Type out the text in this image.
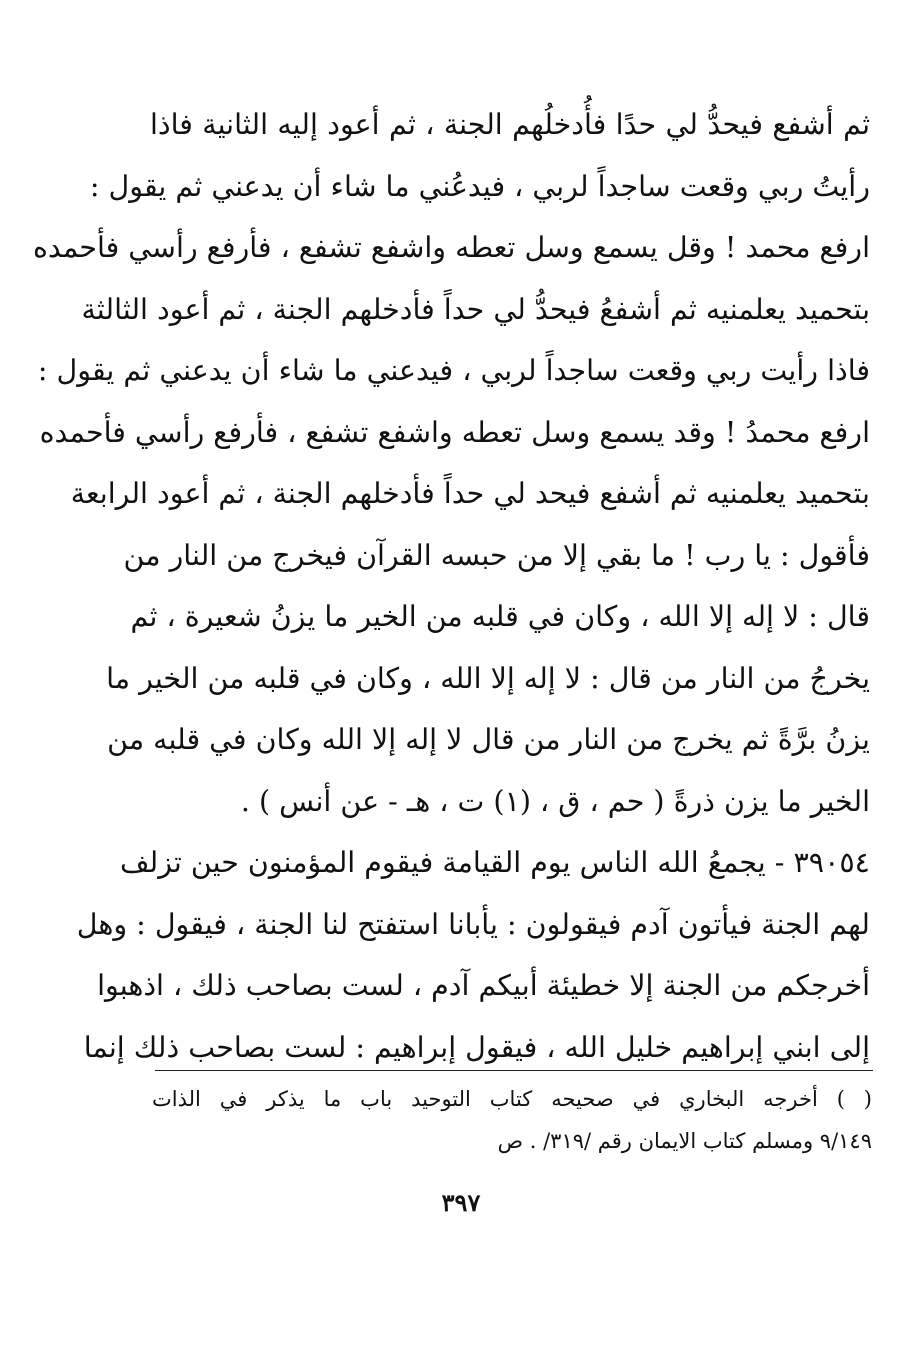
ثم أشفع فيحدُّ لي حدًا فأُدخلُهم الجنة ، ثم أعود إليه الثانية فاذا
رأيتُ ربي وقعت ساجداً لربي ، فيدعُني ما شاء أن يدعني ثم يقول :
ارفع محمد ! وقل يسمع وسل تعطه واشفع تشفع ، فأرفع رأسي فأحمده
بتحميد يعلمنيه ثم أشفعُ فيحدُّ لي حداً فأدخلهم الجنة ، ثم أعود الثالثة
فاذا رأيت ربي وقعت ساجداً لربي ، فيدعني ما شاء أن يدعني ثم يقول :
ارفع محمدُ ! وقد يسمع وسل تعطه واشفع تشفع ، فأرفع رأسي فأحمده
بتحميد يعلمنيه ثم أشفع فيحد لي حداً فأدخلهم الجنة ، ثم أعود الرابعة
فأقول : يا رب ! ما بقي إلا من حبسه القرآن فيخرج من النار من
قال : لا إله إلا الله ، وكان في قلبه من الخير ما يزنُ شعيرة ، ثم
يخرجُ من النار من قال : لا إله إلا الله ، وكان في قلبه من الخير ما
يزنُ برَّةً ثم يخرج من النار من قال لا إله إلا الله وكان في قلبه من
الخير ما يزن ذرةً ( حم ، ق ، (١) ت ، هـ - عن أنس ) .
٣٩٠٥٤ - يجمعُ الله الناس يوم القيامة فيقوم المؤمنون حين تزلف
لهم الجنة فيأتون آدم فيقولون : يأبانا استفتح لنا الجنة ، فيقول : وهل
أخرجكم من الجنة إلا خطيئة أبيكم آدم ، لست بصاحب ذلك ، اذهبوا
إلى ابني إبراهيم خليل الله ، فيقول إبراهيم : لست بصاحب ذلك إنما
( ) أخرجه البخاري في صحيحه كتاب التوحيد باب ما يذكر في الذات
٩/١٤٩ ومسلم كتاب الايمان رقم /٣١٩/ . ص
٣٩٧
